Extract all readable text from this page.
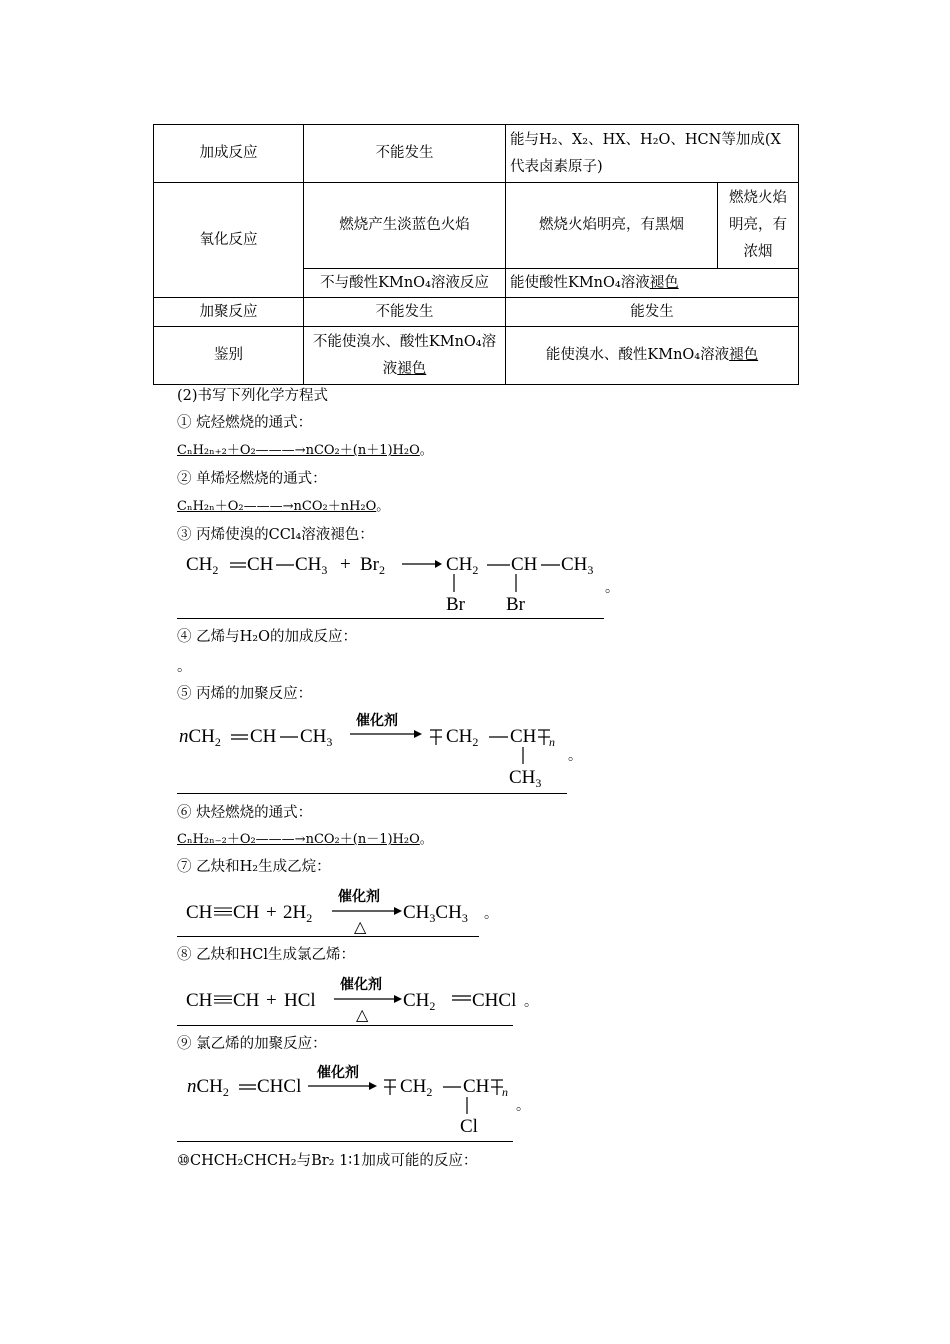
加成反应	不能发生	能与H₂、X₂、HX、H₂O、HCN等加成(X代表卤素原子)	
氧化反应	燃烧产生淡蓝色火焰	燃烧火焰明亮，有黑烟	燃烧火焰明亮，有浓烟
	不与酸性KMnO₄溶液反应	能使酸性KMnO₄溶液褪色	
加聚反应	不能发生	能发生	
鉴别	不能使溴水、酸性KMnO₄溶液褪色	能使溴水、酸性KMnO₄溶液褪色	
(2)书写下列化学方程式
① 烷烃燃烧的通式：
CₙH₂ₙ₊₂＋O₂———→nCO₂＋(n＋1)H₂O。
② 单烯烃燃烧的通式：
CₙH₂ₙ＋O₂———→nCO₂＋nH₂O。
③ 丙烯使溴的CCl₄溶液褪色：
$CH_2$ CH $CH_3 + Br_2$	$CH_2$ CH $CH_3$
Br Br
。
④ 乙烯与H₂O的加成反应：
。
⑤ 丙烯的加聚反应：
nCH$_2$ CH $CH_3$
催化剂
$CH_2$ CH n
$CH_3$
。
⑥ 炔烃燃烧的通式：
CₙH₂ₙ₋₂＋O₂———→nCO₂＋(n－1)H₂O。
⑦ 乙炔和H₂生成乙烷：
CH CH + $2H_2$
催化剂
△
$CH_3CH_3$ 。
⑧ 乙炔和HCl生成氯乙烯：
CH CH + HCl
催化剂
△
$CH_2$ CHCl 。
⑨ 氯乙烯的加聚反应：
nCH$_2$ CHCl
催化剂
$CH_2$ CH n
Cl
。
⑩CHCH₂CHCH₂与Br₂ 1∶1加成可能的反应：
